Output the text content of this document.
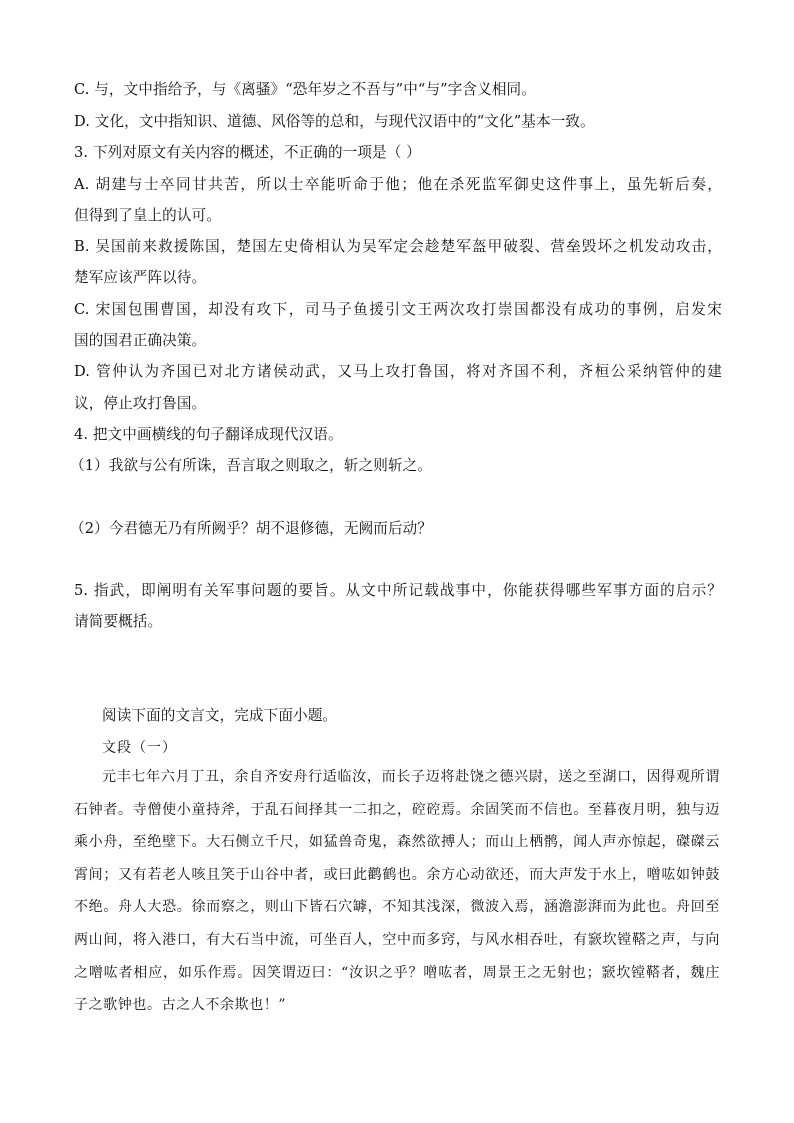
C. 与，文中指给予，与《离骚》“恐年岁之不吾与”中“与”字含义相同。
D. 文化，文中指知识、道德、风俗等的总和，与现代汉语中的“文化”基本一致。
3. 下列对原文有关内容的概述，不正确的一项是（ ）
A. 胡建与士卒同甘共苦，所以士卒能听命于他；他在杀死监军御史这件事上，虽先斩后奏，
但得到了皇上的认可。
B. 吴国前来救援陈国，楚国左史倚相认为吴军定会趁楚军盔甲破裂、营垒毁坏之机发动攻击，
楚军应该严阵以待。
C. 宋国包围曹国，却没有攻下，司马子鱼援引文王两次攻打崇国都没有成功的事例，启发宋
国的国君正确决策。
D. 管仲认为齐国已对北方诸侯动武，又马上攻打鲁国，将对齐国不利，齐桓公采纳管仲的建
议，停止攻打鲁国。
4. 把文中画横线的句子翻译成现代汉语。
（1）我欲与公有所诛，吾言取之则取之，斩之则斩之。
（2）今君德无乃有所阙乎？胡不退修德，无阙而后动？
5. 指武，即阐明有关军事问题的要旨。从文中所记载战事中，你能获得哪些军事方面的启示？
请简要概括。
阅读下面的文言文，完成下面小题。
文段（一）
元丰七年六月丁丑，余自齐安舟行适临汝，而长子迈将赴饶之德兴尉，送之至湖口，因得观所谓石钟者。寺僧使小童持斧，于乱石间择其一二扣之，硿硿焉。余固笑而不信也。至暮夜月明，独与迈乘小舟，至绝壁下。大石侧立千尺，如猛兽奇鬼，森然欲搏人；而山上栖鹘，闻人声亦惊起，磔磔云霄间；又有若老人咳且笑于山谷中者，或曰此鹳鹤也。余方心动欲还，而大声发于水上，噌吰如钟鼓不绝。舟人大恐。徐而察之，则山下皆石穴罅，不知其浅深，微波入焉，涵澹澎湃而为此也。舟回至两山间，将入港口，有大石当中流，可坐百人，空中而多窍，与风水相吞吐，有窾坎镗鞳之声，与向之噌吰者相应，如乐作焉。因笑谓迈曰：“汝识之乎？噌吰者，周景王之无射也；窾坎镗鞳者，魏庄子之歌钟也。古之人不余欺也！”
